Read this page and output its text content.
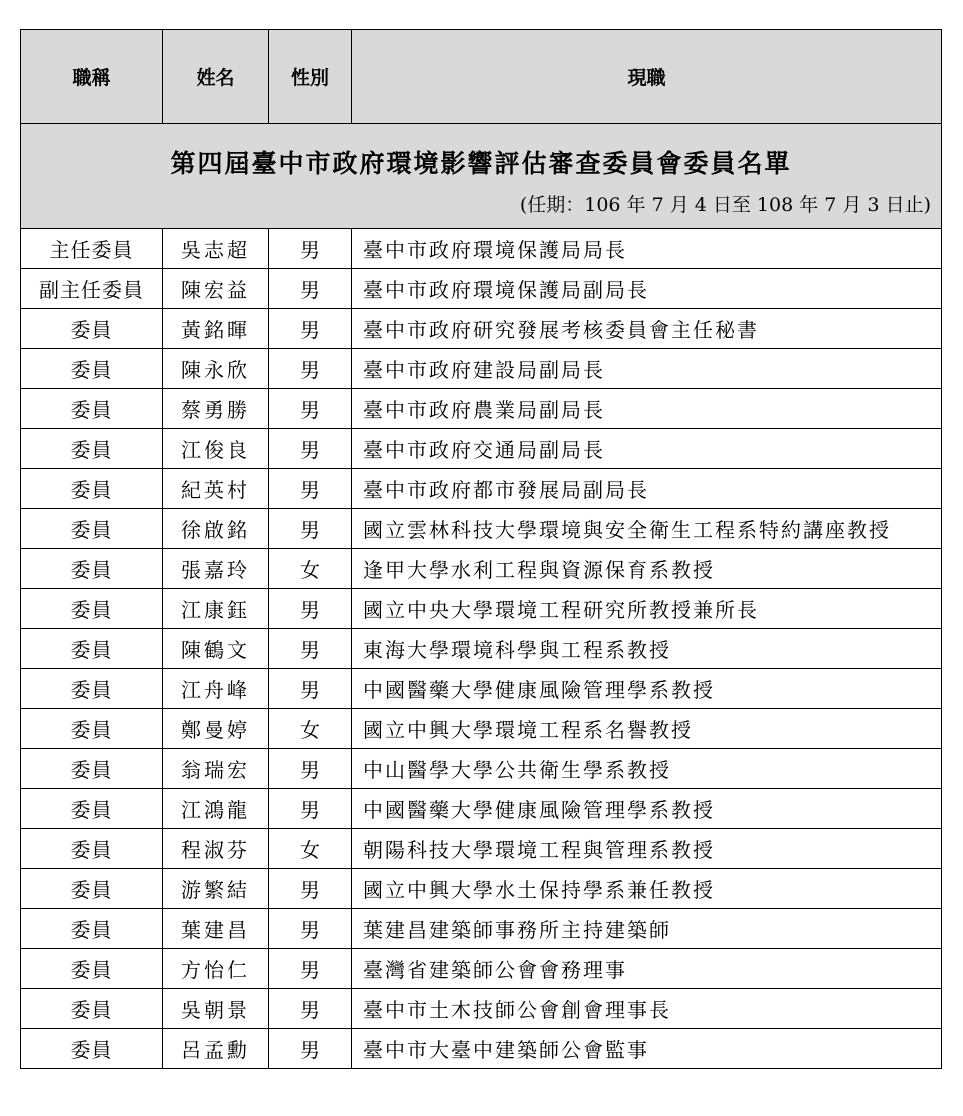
第四屆臺中市政府環境影響評估審查委員會委員名單
(任期：106 年 7 月 4 日至 108 年 7 月 3 日止)			

職稱	姓名	性別	現職
主任委員	吳志超	男	臺中市政府環境保護局局長
副主任委員	陳宏益	男	臺中市政府環境保護局副局長
委員	黃銘暉	男	臺中市政府研究發展考核委員會主任秘書
委員	陳永欣	男	臺中市政府建設局副局長
委員	蔡勇勝	男	臺中市政府農業局副局長
委員	江俊良	男	臺中市政府交通局副局長
委員	紀英村	男	臺中市政府都市發展局副局長
委員	徐啟銘	男	國立雲林科技大學環境與安全衛生工程系特約講座教授
委員	張嘉玲	女	逢甲大學水利工程與資源保育系教授
委員	江康鈺	男	國立中央大學環境工程研究所教授兼所長
委員	陳鶴文	男	東海大學環境科學與工程系教授
委員	江舟峰	男	中國醫藥大學健康風險管理學系教授
委員	鄭曼婷	女	國立中興大學環境工程系名譽教授
委員	翁瑞宏	男	中山醫學大學公共衛生學系教授
委員	江鴻龍	男	中國醫藥大學健康風險管理學系教授
委員	程淑芬	女	朝陽科技大學環境工程與管理系教授
委員	游繁結	男	國立中興大學水土保持學系兼任教授
委員	葉建昌	男	葉建昌建築師事務所主持建築師
委員	方怡仁	男	臺灣省建築師公會會務理事
委員	吳朝景	男	臺中市土木技師公會創會理事長
委員	呂孟勳	男	臺中市大臺中建築師公會監事
